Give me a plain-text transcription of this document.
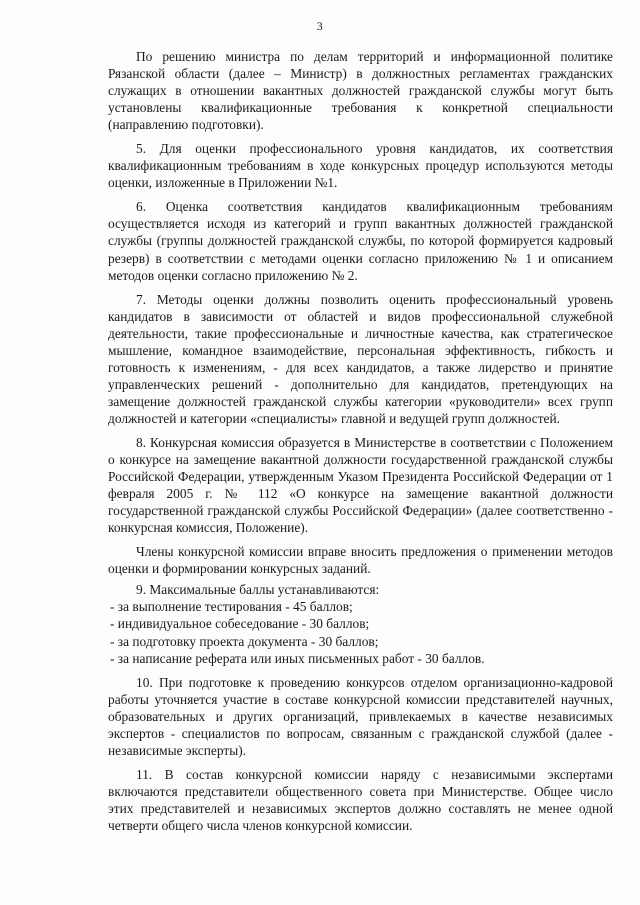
3

По решению министра по делам территорий и информационной политике Рязанской области (далее – Министр) в должностных регламентах гражданских служащих в отношении вакантных должностей гражданской службы могут быть установлены квалификационные требования к конкретной специальности (направлению подготовки).

5. Для оценки профессионального уровня кандидатов, их соответствия квалификационным требованиям в ходе конкурсных процедур используются методы оценки, изложенные в Приложении №1.

6. Оценка соответствия кандидатов квалификационным требованиям осуществляется исходя из категорий и групп вакантных должностей гражданской службы (группы должностей гражданской службы, по которой формируется кадровый резерв) в соответствии с методами оценки согласно приложению № 1 и описанием методов оценки согласно приложению № 2.

7. Методы оценки должны позволить оценить профессиональный уровень кандидатов в зависимости от областей и видов профессиональной служебной деятельности, такие профессиональные и личностные качества, как стратегическое мышление, командное взаимодействие, персональная эффективность, гибкость и готовность к изменениям, - для всех кандидатов, а также лидерство и принятие управленческих решений - дополнительно для кандидатов, претендующих на замещение должностей гражданской службы категории «руководители» всех групп должностей и категории «специалисты» главной и ведущей групп должностей.

8. Конкурсная комиссия образуется в Министерстве в соответствии с Положением о конкурсе на замещение вакантной должности государственной гражданской службы Российской Федерации, утвержденным Указом Президента Российской Федерации от 1 февраля 2005 г. № 112 «О конкурсе на замещение вакантной должности государственной гражданской службы Российской Федерации» (далее соответственно - конкурсная комиссия, Положение).

Члены конкурсной комиссии вправе вносить предложения о применении методов оценки и формировании конкурсных заданий.

9. Максимальные баллы устанавливаются:

- за выполнение тестирования - 45 баллов;

- индивидуальное собеседование - 30 баллов;

- за подготовку проекта документа - 30 баллов;

- за написание реферата или иных письменных работ - 30 баллов.

10. При подготовке к проведению конкурсов отделом организационно-кадровой работы уточняется участие в составе конкурсной комиссии представителей научных, образовательных и других организаций, привлекаемых в качестве независимых экспертов - специалистов по вопросам, связанным с гражданской службой (далее - независимые эксперты).

11. В состав конкурсной комиссии наряду с независимыми экспертами включаются представители общественного совета при Министерстве. Общее число этих представителей и независимых экспертов должно составлять не менее одной четверти общего числа членов конкурсной комиссии.
